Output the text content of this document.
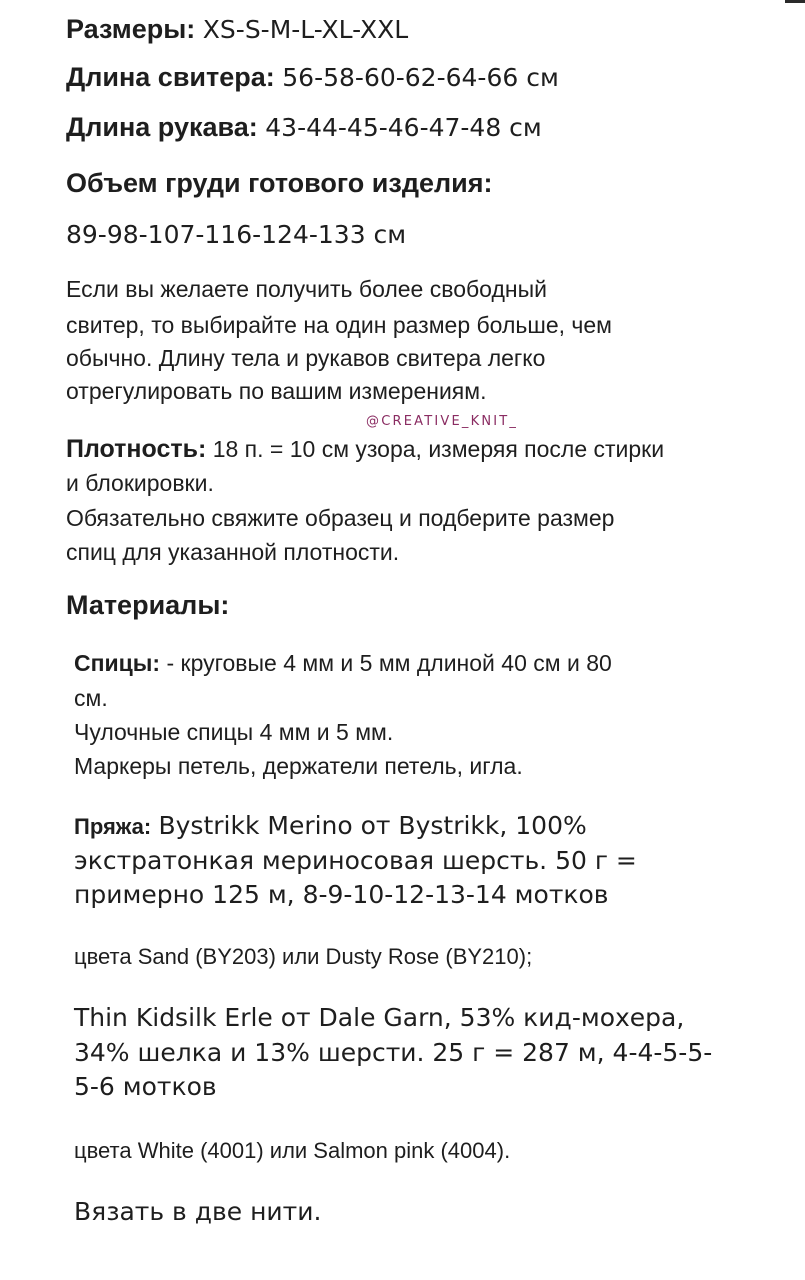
Размеры: XS-S-M-L-XL-XXL

Длина свитера: 56-58-60-62-64-66 см

Длина рукава: 43-44-45-46-47-48 см

Объем груди готового изделия:

89-98-107-116-124-133 см

Если вы желаете получить более свободный

свитер, то выбирайте на один размер больше, чем

обычно. Длину тела и рукавов свитера легко

отрегулировать по вашим измерениям.

@CREATIVE_KNIT_

Плотность: 18 п. = 10 см узора, измеряя после стирки

и блокировки.

Обязательно свяжите образец и подберите размер

спиц для указанной плотности.

Материалы:

Спицы: - круговые 4 мм и 5 мм длиной 40 см и 80

см.

Чулочные спицы 4 мм и 5 мм.

Маркеры петель, держатели петель, игла.

Пряжа: Bystrikk Merino от Bystrikk, 100%

экстратонкая мериносовая шерсть. 50 г =

примерно 125 м, 8-9-10-12-13-14 мотков

цвета Sand (BY203) или Dusty Rose (BY210);

Thin Kidsilk Erle от Dale Garn, 53% кид-мохера,

34% шелка и 13% шерсти. 25 г = 287 м, 4-4-5-5-

5-6 мотков

цвета White (4001) или Salmon pink (4004).

Вязать в две нити.
